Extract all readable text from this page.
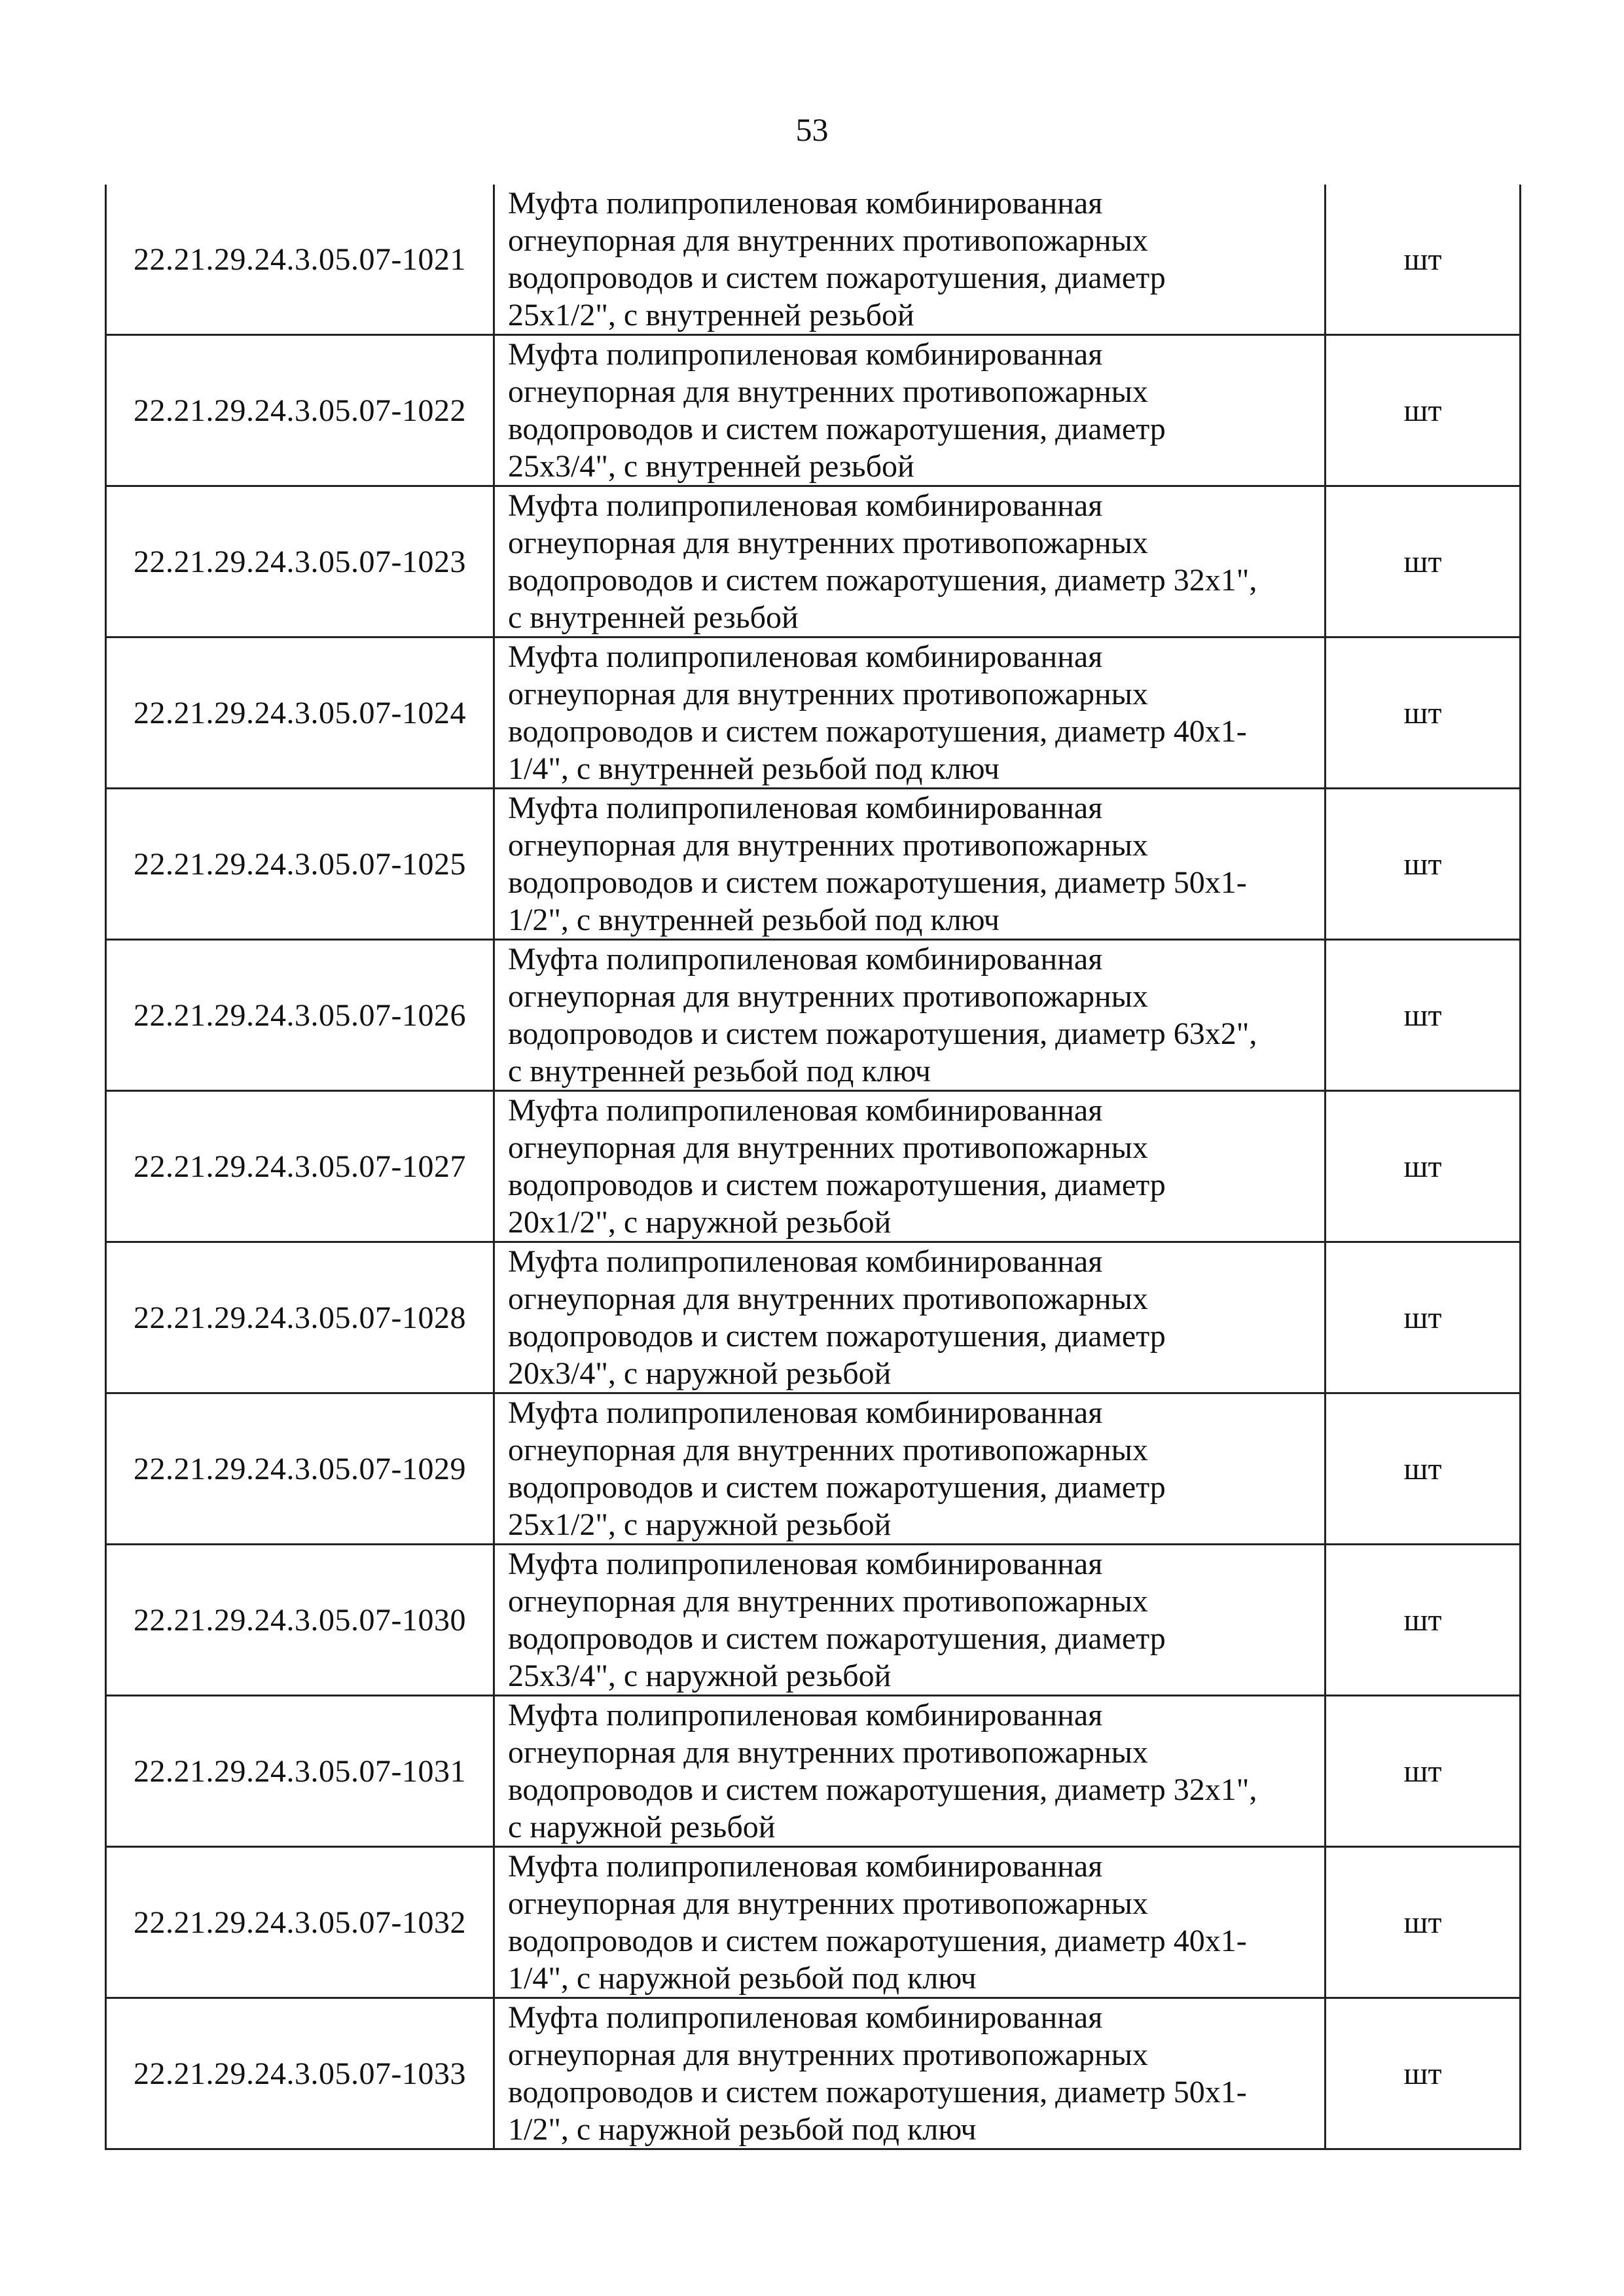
53
22.21.29.24.3.05.07-1021	Муфта полипропиленовая комбинированная
огнеупорная для внутренних противопожарных
водопроводов и систем пожаротушения, диаметр
25х1/2", с внутренней резьбой	шт
22.21.29.24.3.05.07-1022	Муфта полипропиленовая комбинированная
огнеупорная для внутренних противопожарных
водопроводов и систем пожаротушения, диаметр
25х3/4", с внутренней резьбой	шт
22.21.29.24.3.05.07-1023	Муфта полипропиленовая комбинированная
огнеупорная для внутренних противопожарных
водопроводов и систем пожаротушения, диаметр 32х1",
с внутренней резьбой	шт
22.21.29.24.3.05.07-1024	Муфта полипропиленовая комбинированная
огнеупорная для внутренних противопожарных
водопроводов и систем пожаротушения, диаметр 40х1-
1/4", с внутренней резьбой под ключ	шт
22.21.29.24.3.05.07-1025	Муфта полипропиленовая комбинированная
огнеупорная для внутренних противопожарных
водопроводов и систем пожаротушения, диаметр 50х1-
1/2", с внутренней резьбой под ключ	шт
22.21.29.24.3.05.07-1026	Муфта полипропиленовая комбинированная
огнеупорная для внутренних противопожарных
водопроводов и систем пожаротушения, диаметр 63х2",
с внутренней резьбой под ключ	шт
22.21.29.24.3.05.07-1027	Муфта полипропиленовая комбинированная
огнеупорная для внутренних противопожарных
водопроводов и систем пожаротушения, диаметр
20х1/2", с наружной резьбой	шт
22.21.29.24.3.05.07-1028	Муфта полипропиленовая комбинированная
огнеупорная для внутренних противопожарных
водопроводов и систем пожаротушения, диаметр
20х3/4", с наружной резьбой	шт
22.21.29.24.3.05.07-1029	Муфта полипропиленовая комбинированная
огнеупорная для внутренних противопожарных
водопроводов и систем пожаротушения, диаметр
25х1/2", с наружной резьбой	шт
22.21.29.24.3.05.07-1030	Муфта полипропиленовая комбинированная
огнеупорная для внутренних противопожарных
водопроводов и систем пожаротушения, диаметр
25х3/4", с наружной резьбой	шт
22.21.29.24.3.05.07-1031	Муфта полипропиленовая комбинированная
огнеупорная для внутренних противопожарных
водопроводов и систем пожаротушения, диаметр 32х1",
с наружной резьбой	шт
22.21.29.24.3.05.07-1032	Муфта полипропиленовая комбинированная
огнеупорная для внутренних противопожарных
водопроводов и систем пожаротушения, диаметр 40х1-
1/4", с наружной резьбой под ключ	шт
22.21.29.24.3.05.07-1033	Муфта полипропиленовая комбинированная
огнеупорная для внутренних противопожарных
водопроводов и систем пожаротушения, диаметр 50х1-
1/2", с наружной резьбой под ключ	шт
